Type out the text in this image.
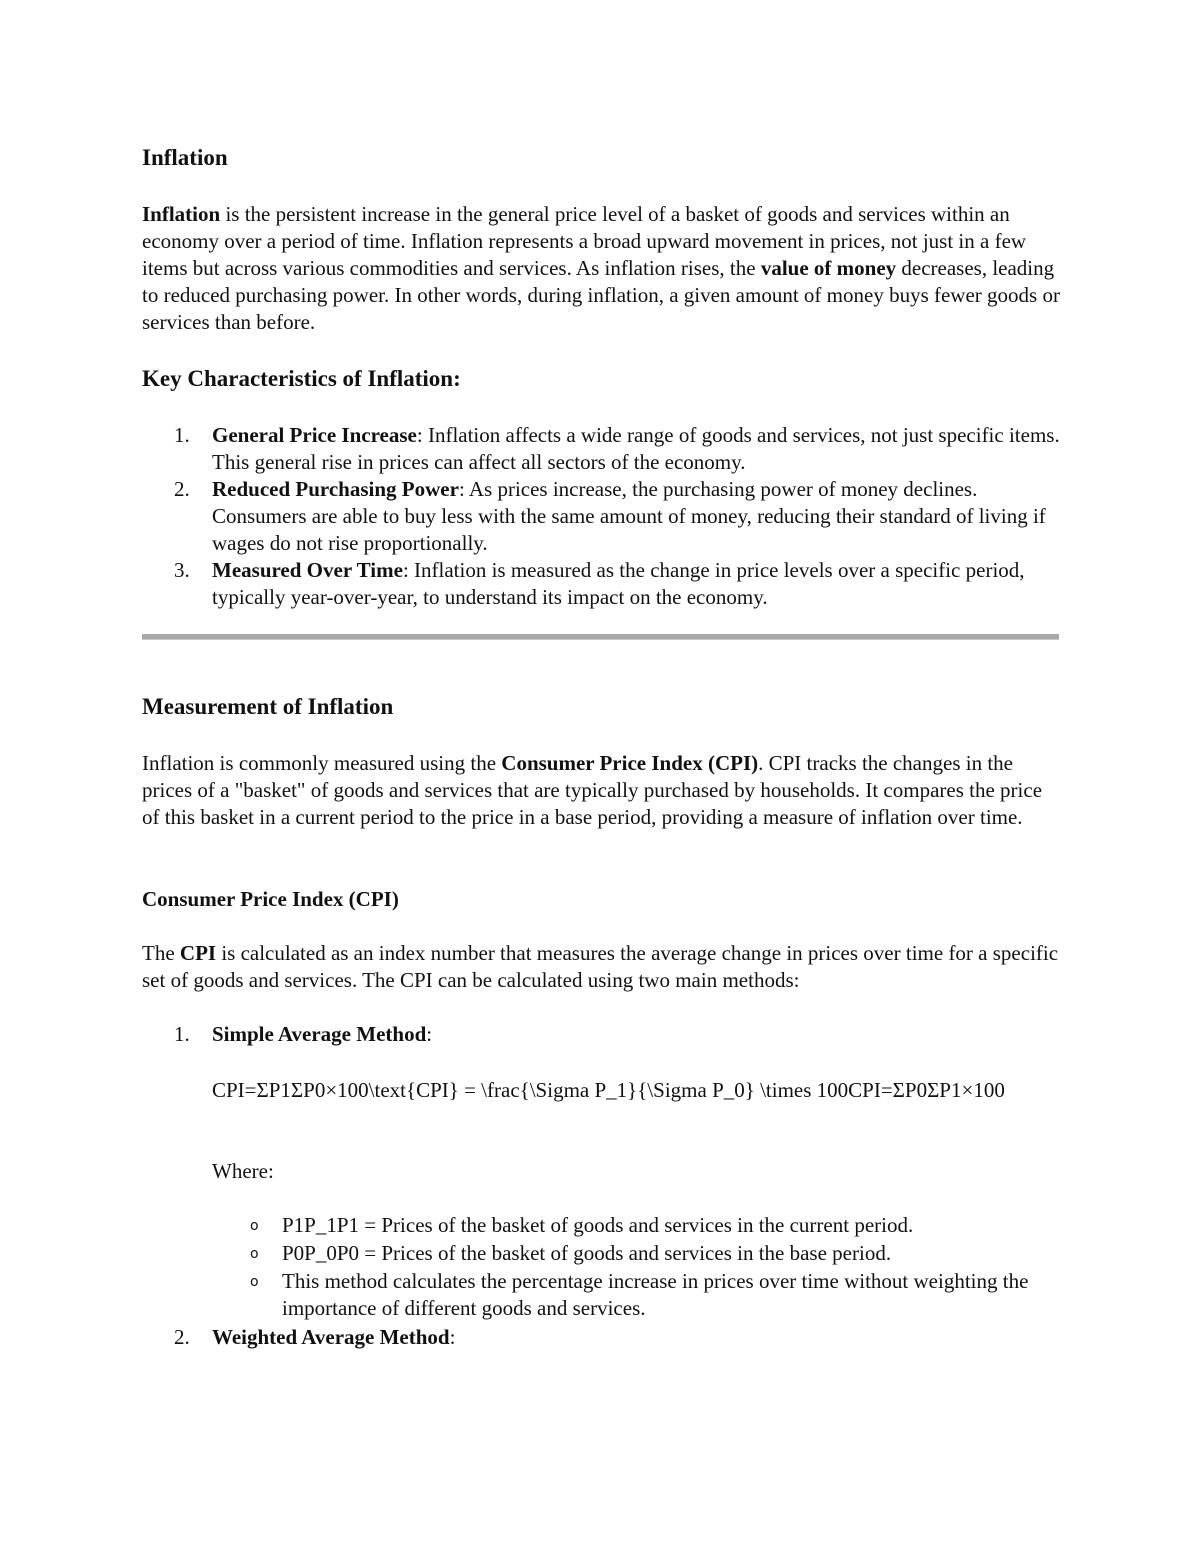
Inflation

Inflation is the persistent increase in the general price level of a basket of goods and services within an economy over a period of time. Inflation represents a broad upward movement in prices, not just in a few items but across various commodities and services. As inflation rises, the value of money decreases, leading to reduced purchasing power. In other words, during inflation, a given amount of money buys fewer goods or services than before.

Key Characteristics of Inflation:
1. General Price Increase: Inflation affects a wide range of goods and services, not just specific items. This general rise in prices can affect all sectors of the economy.
2. Reduced Purchasing Power: As prices increase, the purchasing power of money declines. Consumers are able to buy less with the same amount of money, reducing their standard of living if wages do not rise proportionally.
3. Measured Over Time: Inflation is measured as the change in price levels over a specific period, typically year-over-year, to understand its impact on the economy.
Measurement of Inflation

Inflation is commonly measured using the Consumer Price Index (CPI). CPI tracks the changes in the prices of a "basket" of goods and services that are typically purchased by households. It compares the price of this basket in a current period to the price in a base period, providing a measure of inflation over time.

Consumer Price Index (CPI)

The CPI is calculated as an index number that measures the average change in prices over time for a specific set of goods and services. The CPI can be calculated using two main methods:

1. Simple Average Method:
CPI=ΣP1ΣP0×100\text{CPI} = \frac{\Sigma P_1}{\Sigma P_0} \times 100CPI=ΣP0ΣP1×100
Where:
o P1P_1P1 = Prices of the basket of goods and services in the current period.
o P0P_0P0 = Prices of the basket of goods and services in the base period.
o This method calculates the percentage increase in prices over time without weighting the importance of different goods and services.
2. Weighted Average Method:
